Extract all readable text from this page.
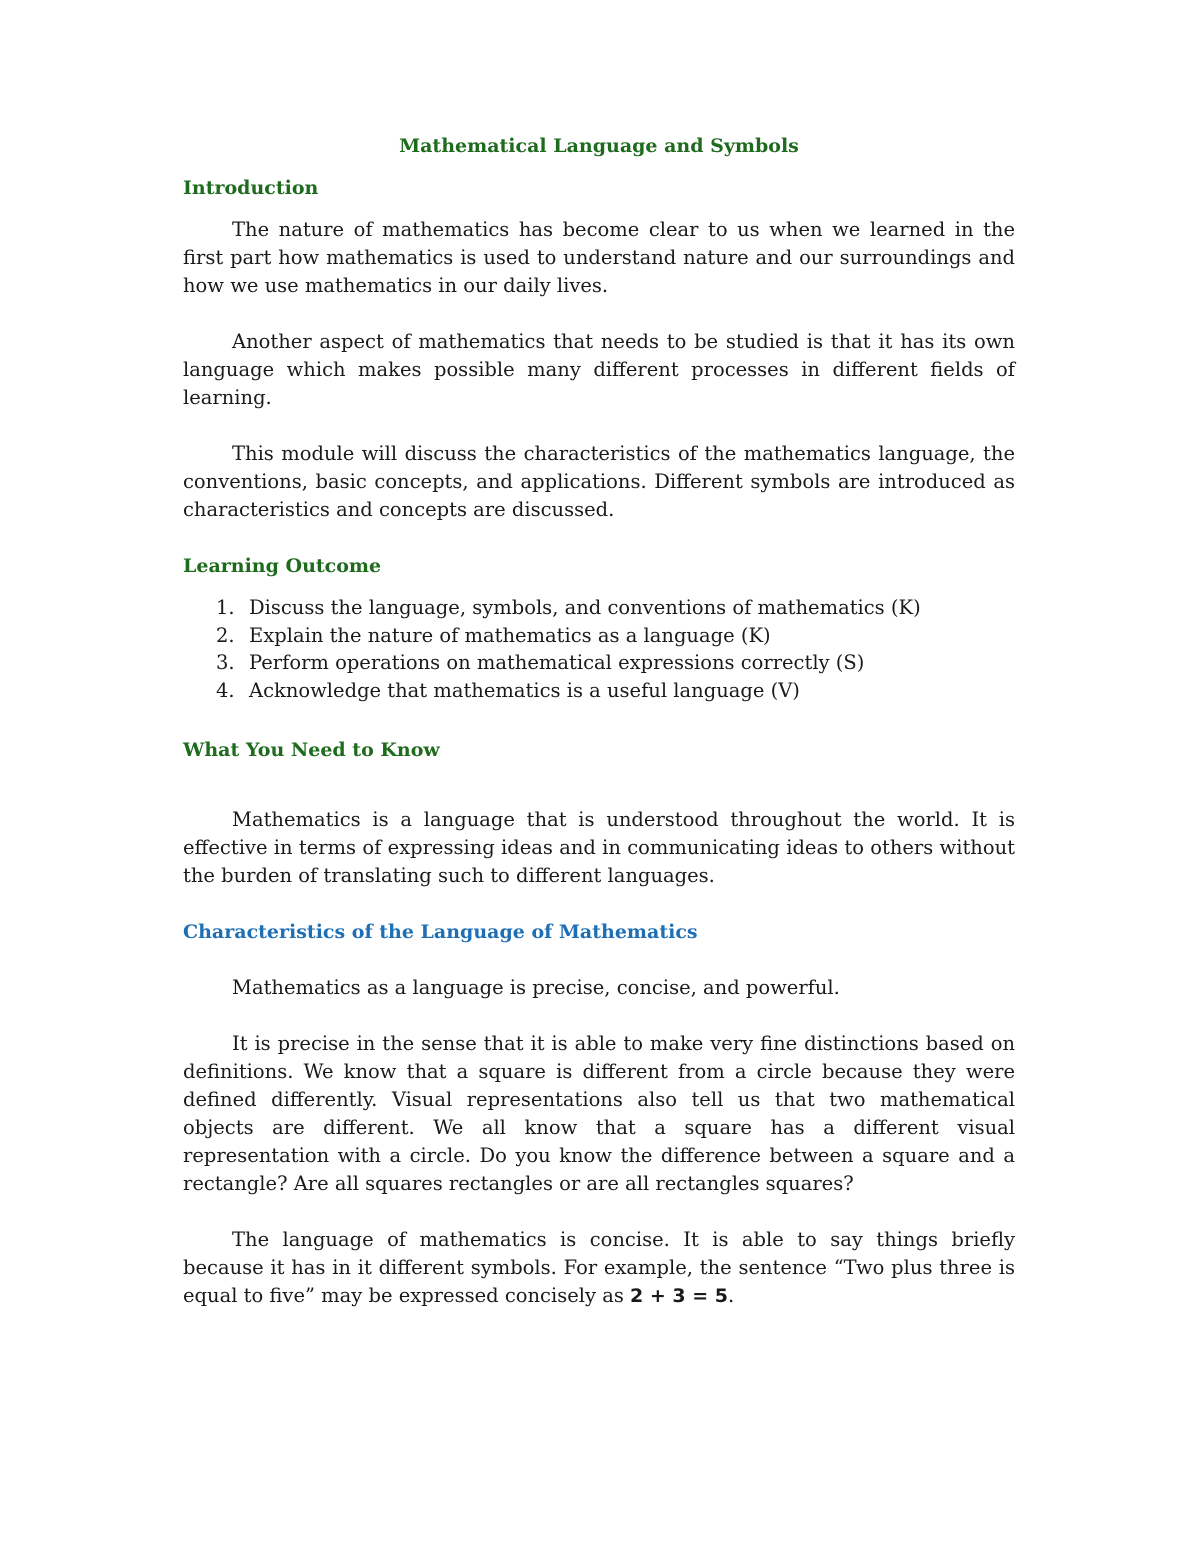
Mathematical Language and Symbols
Introduction

The nature of mathematics has become clear to us when we learned in the first part how mathematics is used to understand nature and our surroundings and how we use mathematics in our daily lives.

Another aspect of mathematics that needs to be studied is that it has its own language which makes possible many different processes in different fields of learning.

This module will discuss the characteristics of the mathematics language, the conventions, basic concepts, and applications. Different symbols are introduced as characteristics and concepts are discussed.

Learning Outcome
1. Discuss the language, symbols, and conventions of mathematics (K)
2. Explain the nature of mathematics as a language (K)
3. Perform operations on mathematical expressions correctly (S)
4. Acknowledge that mathematics is a useful language (V)
What You Need to Know

Mathematics is a language that is understood throughout the world. It is effective in terms of expressing ideas and in communicating ideas to others without the burden of translating such to different languages.

Characteristics of the Language of Mathematics

Mathematics as a language is precise, concise, and powerful.

It is precise in the sense that it is able to make very fine distinctions based on definitions. We know that a square is different from a circle because they were defined differently. Visual representations also tell us that two mathematical objects are different. We all know that a square has a different visual representation with a circle. Do you know the difference between a square and a rectangle? Are all squares rectangles or are all rectangles squares?

The language of mathematics is concise. It is able to say things briefly because it has in it different symbols. For example, the sentence “Two plus three is equal to five” may be expressed concisely as 2 + 3 = 5.
